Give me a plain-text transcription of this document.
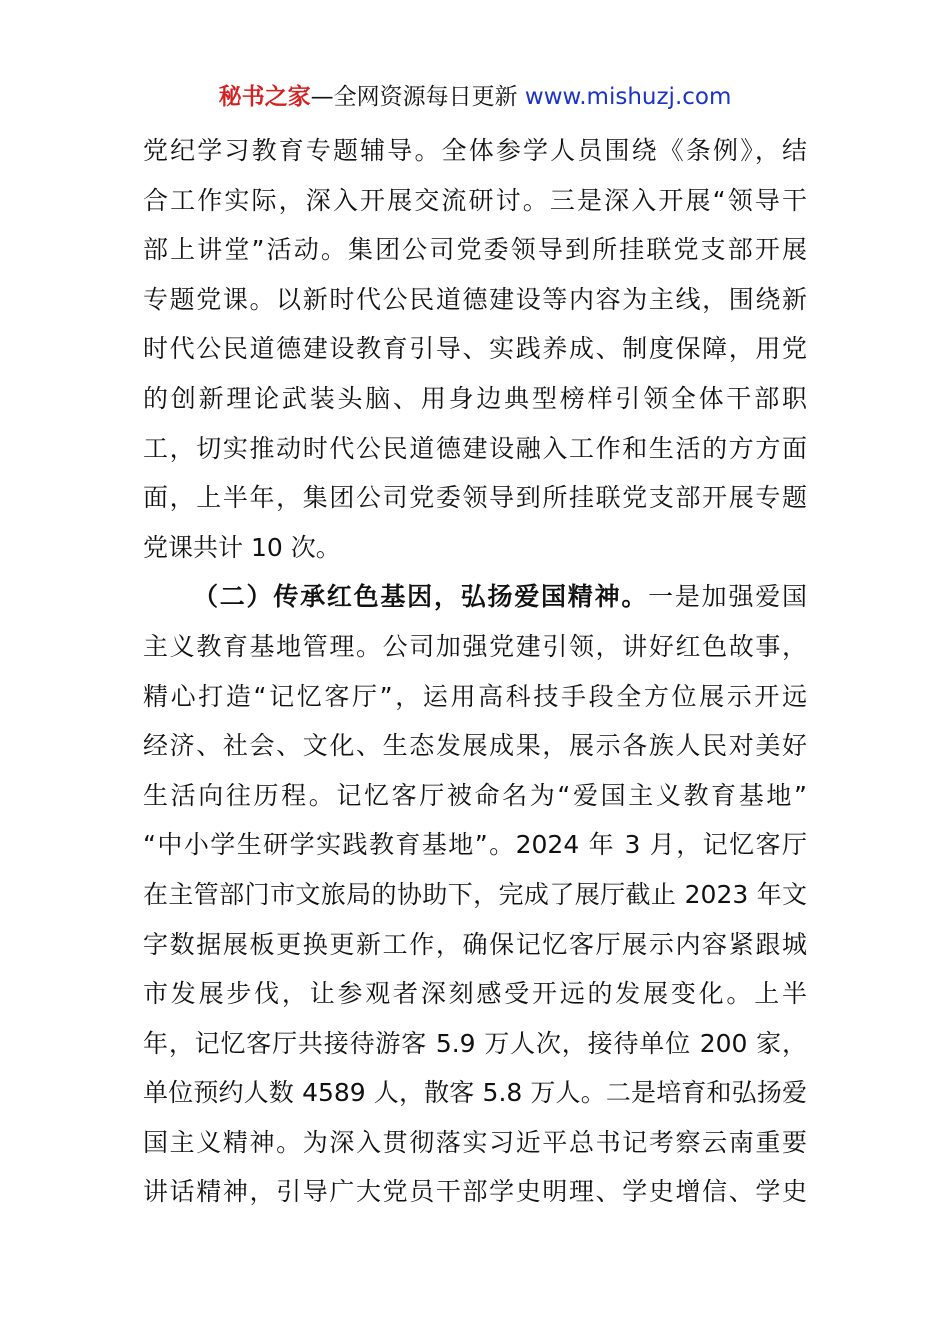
秘书之家—全网资源每日更新 www.mishuzj.com
党纪学习教育专题辅导。全体参学人员围绕《条例》，结
合工作实际，深入开展交流研讨。三是深入开展“领导干
部上讲堂”活动。集团公司党委领导到所挂联党支部开展
专题党课。以新时代公民道德建设等内容为主线，围绕新
时代公民道德建设教育引导、实践养成、制度保障，用党
的创新理论武装头脑、用身边典型榜样引领全体干部职
工，切实推动时代公民道德建设融入工作和生活的方方面
面，上半年，集团公司党委领导到所挂联党支部开展专题
党课共计 10 次。
（二）传承红色基因，弘扬爱国精神。一是加强爱国
主义教育基地管理。公司加强党建引领，讲好红色故事，
精心打造“记忆客厅”，运用高科技手段全方位展示开远
经济、社会、文化、生态发展成果，展示各族人民对美好
生活向往历程。记忆客厅被命名为“爱国主义教育基地”
“中小学生研学实践教育基地”。2024 年 3 月，记忆客厅
在主管部门市文旅局的协助下，完成了展厅截止 2023 年文
字数据展板更换更新工作，确保记忆客厅展示内容紧跟城
市发展步伐，让参观者深刻感受开远的发展变化。上半
年，记忆客厅共接待游客 5.9 万人次，接待单位 200 家，
单位预约人数 4589 人，散客 5.8 万人。二是培育和弘扬爱
国主义精神。为深入贯彻落实习近平总书记考察云南重要
讲话精神，引导广大党员干部学史明理、学史增信、学史
